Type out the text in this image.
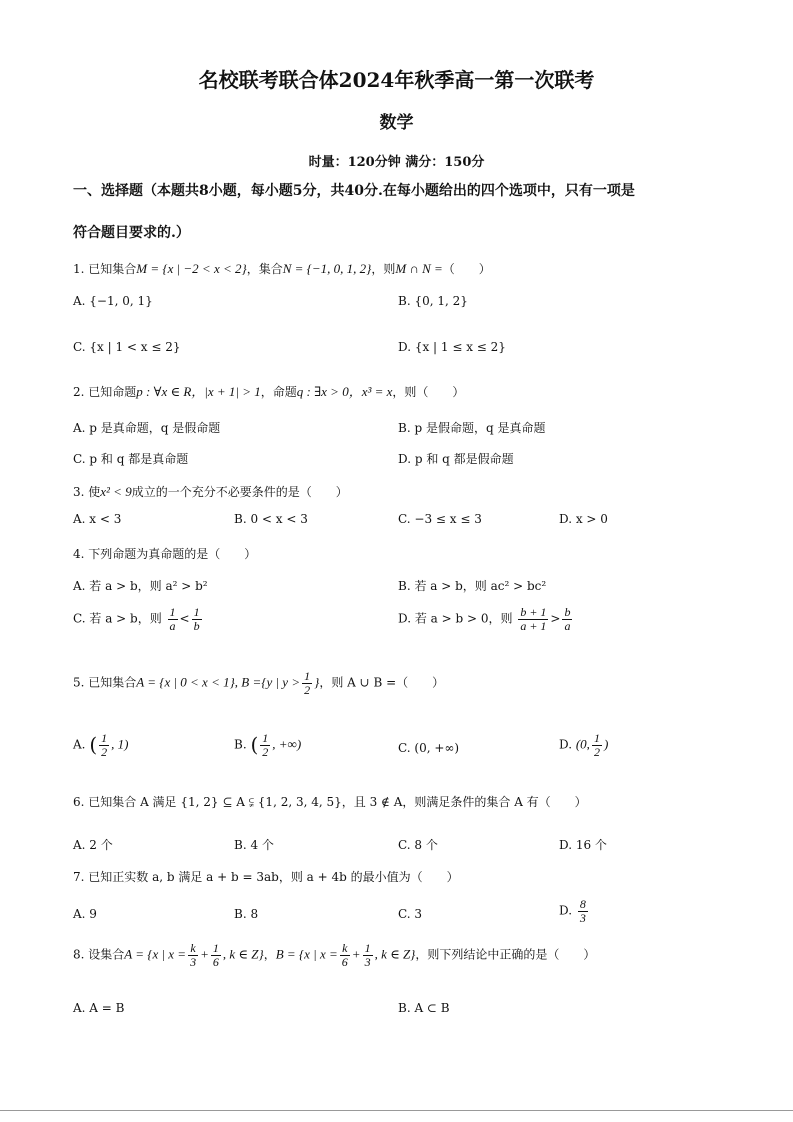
名校联考联合体2024年秋季高一第一次联考
数学
时量：120分钟 满分：150分
一、选择题（本题共8小题，每小题5分，共40分.在每小题给出的四个选项中，只有一项是
符合题目要求的.）
1. 已知集合M = {x | −2 < x < 2}，集合N = {−1, 0, 1, 2}，则M ∩ N =（　　）
A. {−1, 0, 1}	B. {0, 1, 2}
C. {x | 1 < x ≤ 2}	D. {x | 1 ≤ x ≤ 2}
2. 已知命题p : ∀x ∈ R，|x + 1| > 1，命题q : ∃x > 0，x³ = x，则（　　）
A. p 是真命题，q 是假命题	B. p 是假命题，q 是真命题
C. p 和 q 都是真命题	D. p 和 q 都是假命题
3. 使x² < 9成立的一个充分不必要条件的是（　　）
A. x < 3	B. 0 < x < 3	C. −3 ≤ x ≤ 3	D. x > 0
4. 下列命题为真命题的是（　　）
A. 若 a > b，则 a² > b²	B. 若 a > b，则 ac² > bc²
C. 若 a > b，则 $\frac{1}{a} < \frac{1}{b}$	D. 若 a > b > 0，则 $\frac{b + 1}{a + 1} > \frac{b}{a}$
5. 已知集合A = {x | 0 < x < 1}, B ={y | $y > \frac{1}{2}$ }，则 A ∪ B =（　　）
A. ( $\frac{1}{2}$ , 1)	B. ( $\frac{1}{2}$ , +∞)	C. (0, +∞)	D. (0, $\frac{1}{2}$ )
6. 已知集合 A 满足 {1, 2} ⊆ A ⫋ {1, 2, 3, 4, 5}，且 3 ∉ A，则满足条件的集合 A 有（　　）
A. 2 个	B. 4 个	C. 8 个	D. 16 个
7. 已知正实数 a, b 满足 a + b = 3ab，则 a + 4b 的最小值为（　　）
A. 9	B. 8	C. 3	D. $\frac{8}{3}$
8. 设集合A = {x | $x = \frac{k}{3} + \frac{1}{6}$ , k ∈ Z}，B = {x | $x = \frac{k}{6} + \frac{1}{3}$ , k ∈ Z}，则下列结论中正确的是（　　）
A. A = B	B. A ⊂ B
